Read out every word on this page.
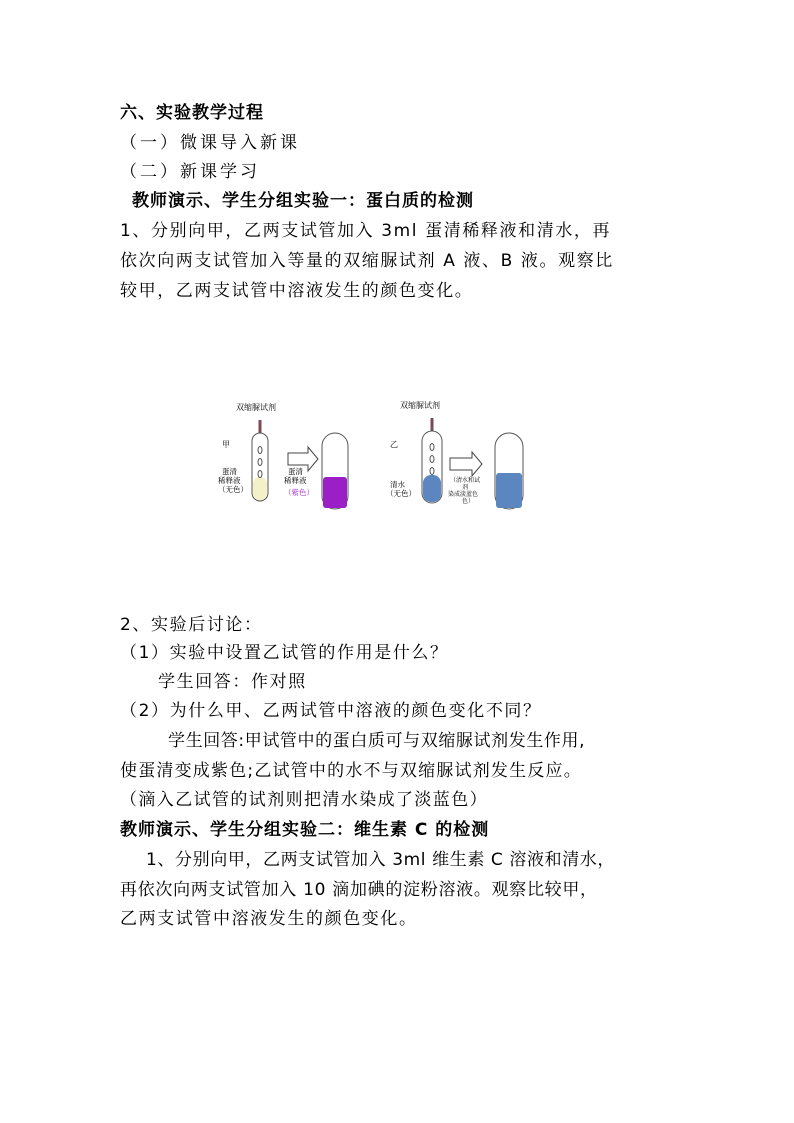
六、实验教学过程
（一）微课导入新课
（二）新课学习
教师演示、学生分组实验一：蛋白质的检测
1、分别向甲，乙两支试管加入 3ml 蛋清稀释液和清水，再
依次向两支试管加入等量的双缩脲试剂 A 液、B 液。观察比
较甲，乙两支试管中溶液发生的颜色变化。
双缩脲试剂
甲
蛋清
稀释液
（无色）
蛋清
稀释液
（紫色）
双缩脲试剂
乙
清水
（无色）
（清水和试
剂
染成淡蓝色
色）
2、实验后讨论：
（1）实验中设置乙试管的作用是什么？
学生回答：作对照
（2）为什么甲、乙两试管中溶液的颜色变化不同？
学生回答:甲试管中的蛋白质可与双缩脲试剂发生作用,
使蛋清变成紫色;乙试管中的水不与双缩脲试剂发生反应。
（滴入乙试管的试剂则把清水染成了淡蓝色）
教师演示、学生分组实验二：维生素 C 的检测
1、分别向甲，乙两支试管加入 3ml 维生素 C 溶液和清水，
再依次向两支试管加入 10 滴加碘的淀粉溶液。观察比较甲，
乙两支试管中溶液发生的颜色变化。
